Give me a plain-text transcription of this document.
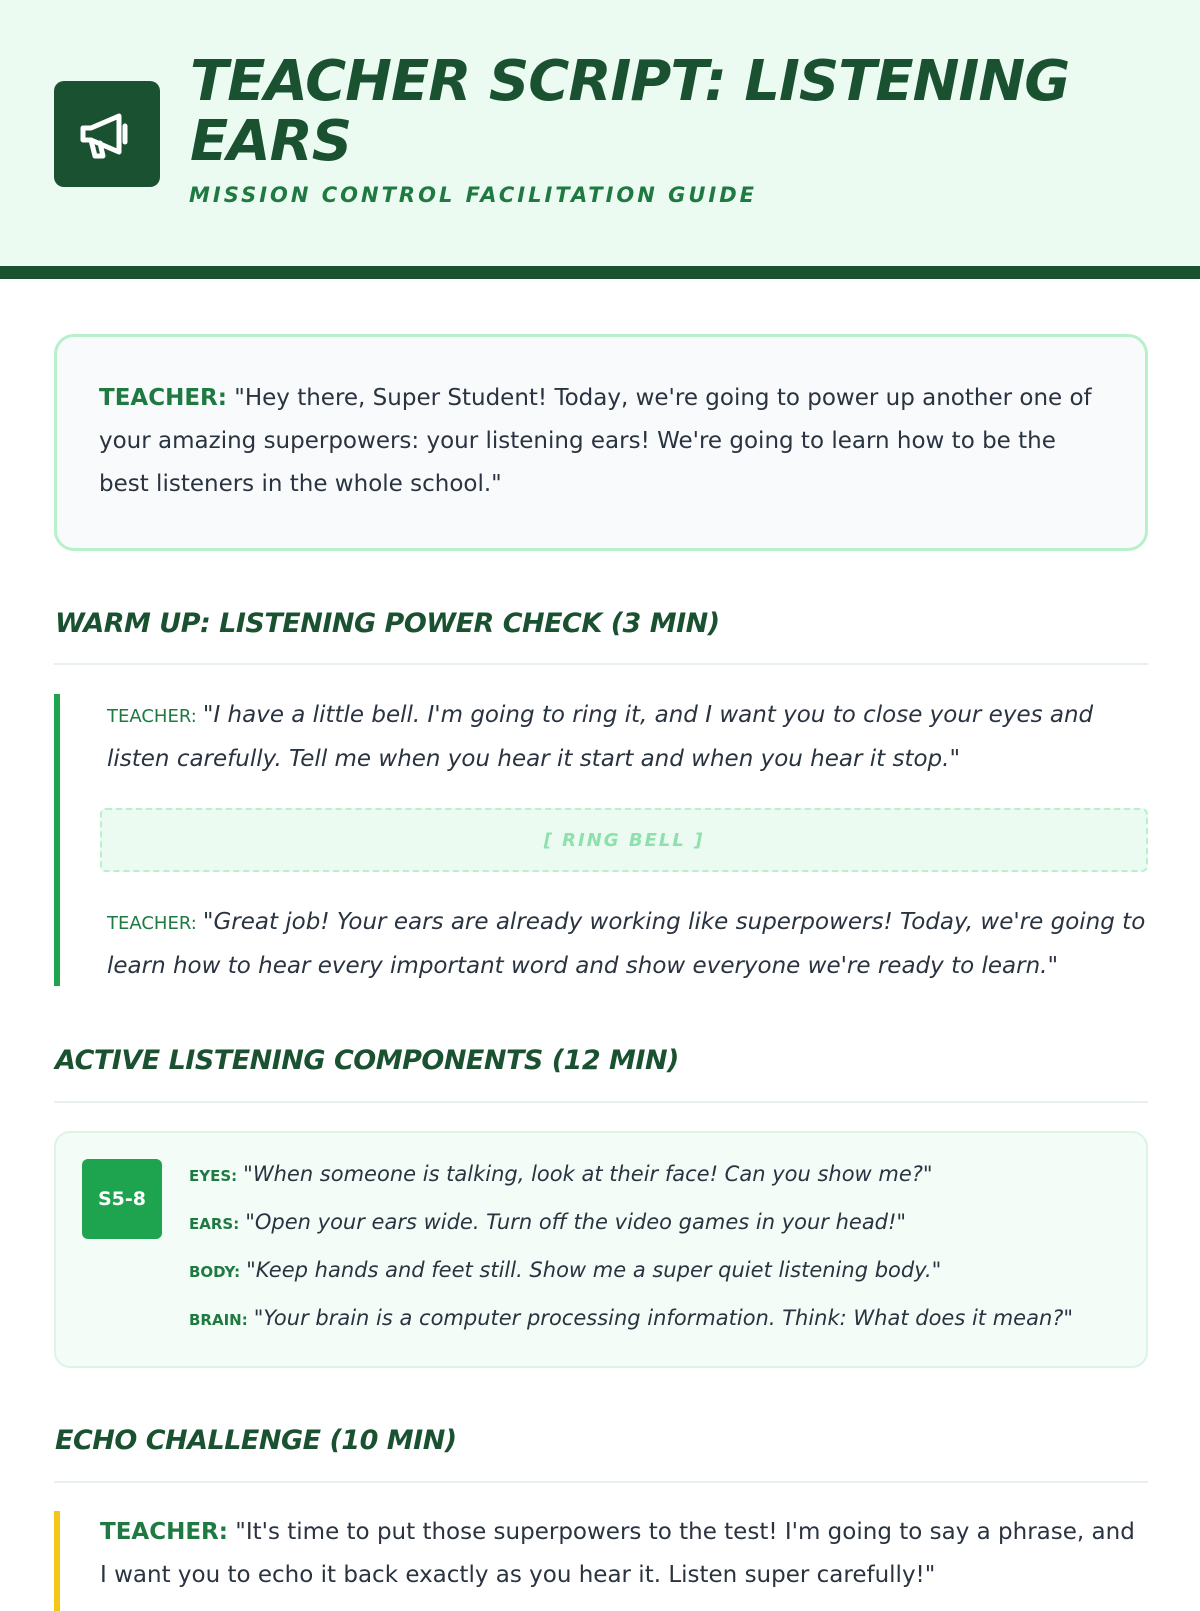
TEACHER SCRIPT: LISTENING EARS
MISSION CONTROL FACILITATION GUIDE
TEACHER: "Hey there, Super Student! Today, we're going to power up another one of your amazing superpowers: your listening ears! We're going to learn how to be the best listeners in the whole school."
WARM UP: LISTENING POWER CHECK (3 MIN)
TEACHER: "I have a little bell. I'm going to ring it, and I want you to close your eyes and listen carefully. Tell me when you hear it start and when you hear it stop."
TEACHER: "Great job! Your ears are already working like superpowers! Today, we're going to learn how to hear every important word and show everyone we're ready to learn."
[ RING BELL ]
ACTIVE LISTENING COMPONENTS (12 MIN)
S5-8
EYES: "When someone is talking, look at their face! Can you show me?"
EARS: "Open your ears wide. Turn off the video games in your head!"
BODY: "Keep hands and feet still. Show me a super quiet listening body."
BRAIN: "Your brain is a computer processing information. Think: What does it mean?"
ECHO CHALLENGE (10 MIN)
TEACHER: "It's time to put those superpowers to the test! I'm going to say a phrase, and I want you to echo it back exactly as you hear it. Listen super carefully!"
